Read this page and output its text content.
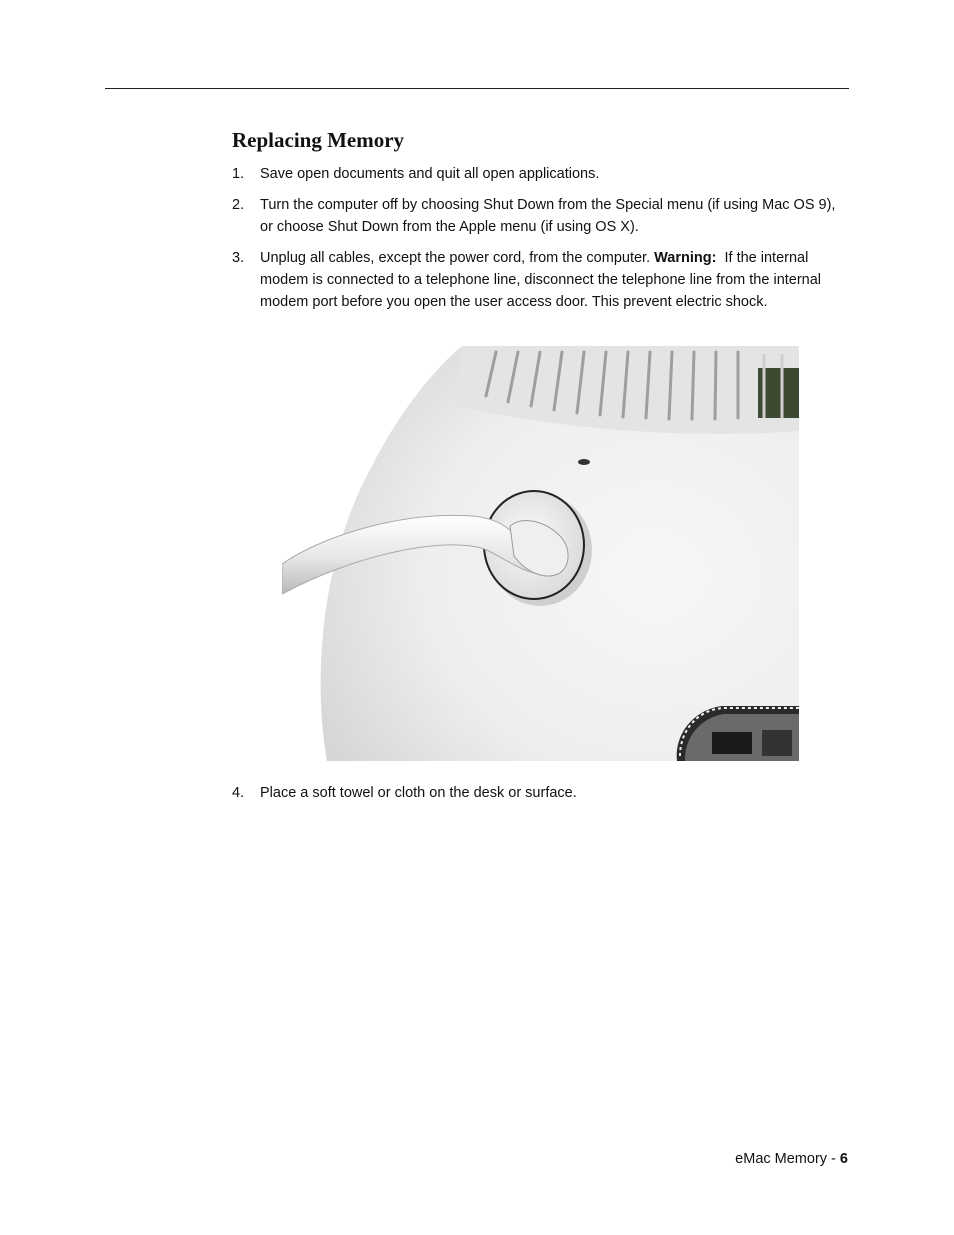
Replacing Memory
1. Save open documents and quit all open applications.
2. Turn the computer off by choosing Shut Down from the Special menu (if using Mac OS 9), or choose Shut Down from the Apple menu (if using OS X).
3. Unplug all cables, except the power cord, from the computer. Warning: If the internal modem is connected to a telephone line, disconnect the telephone line from the internal modem port before you open the user access door. This prevent electric shock.
4. Place a soft towel or cloth on the desk or surface.
eMac Memory - 6
